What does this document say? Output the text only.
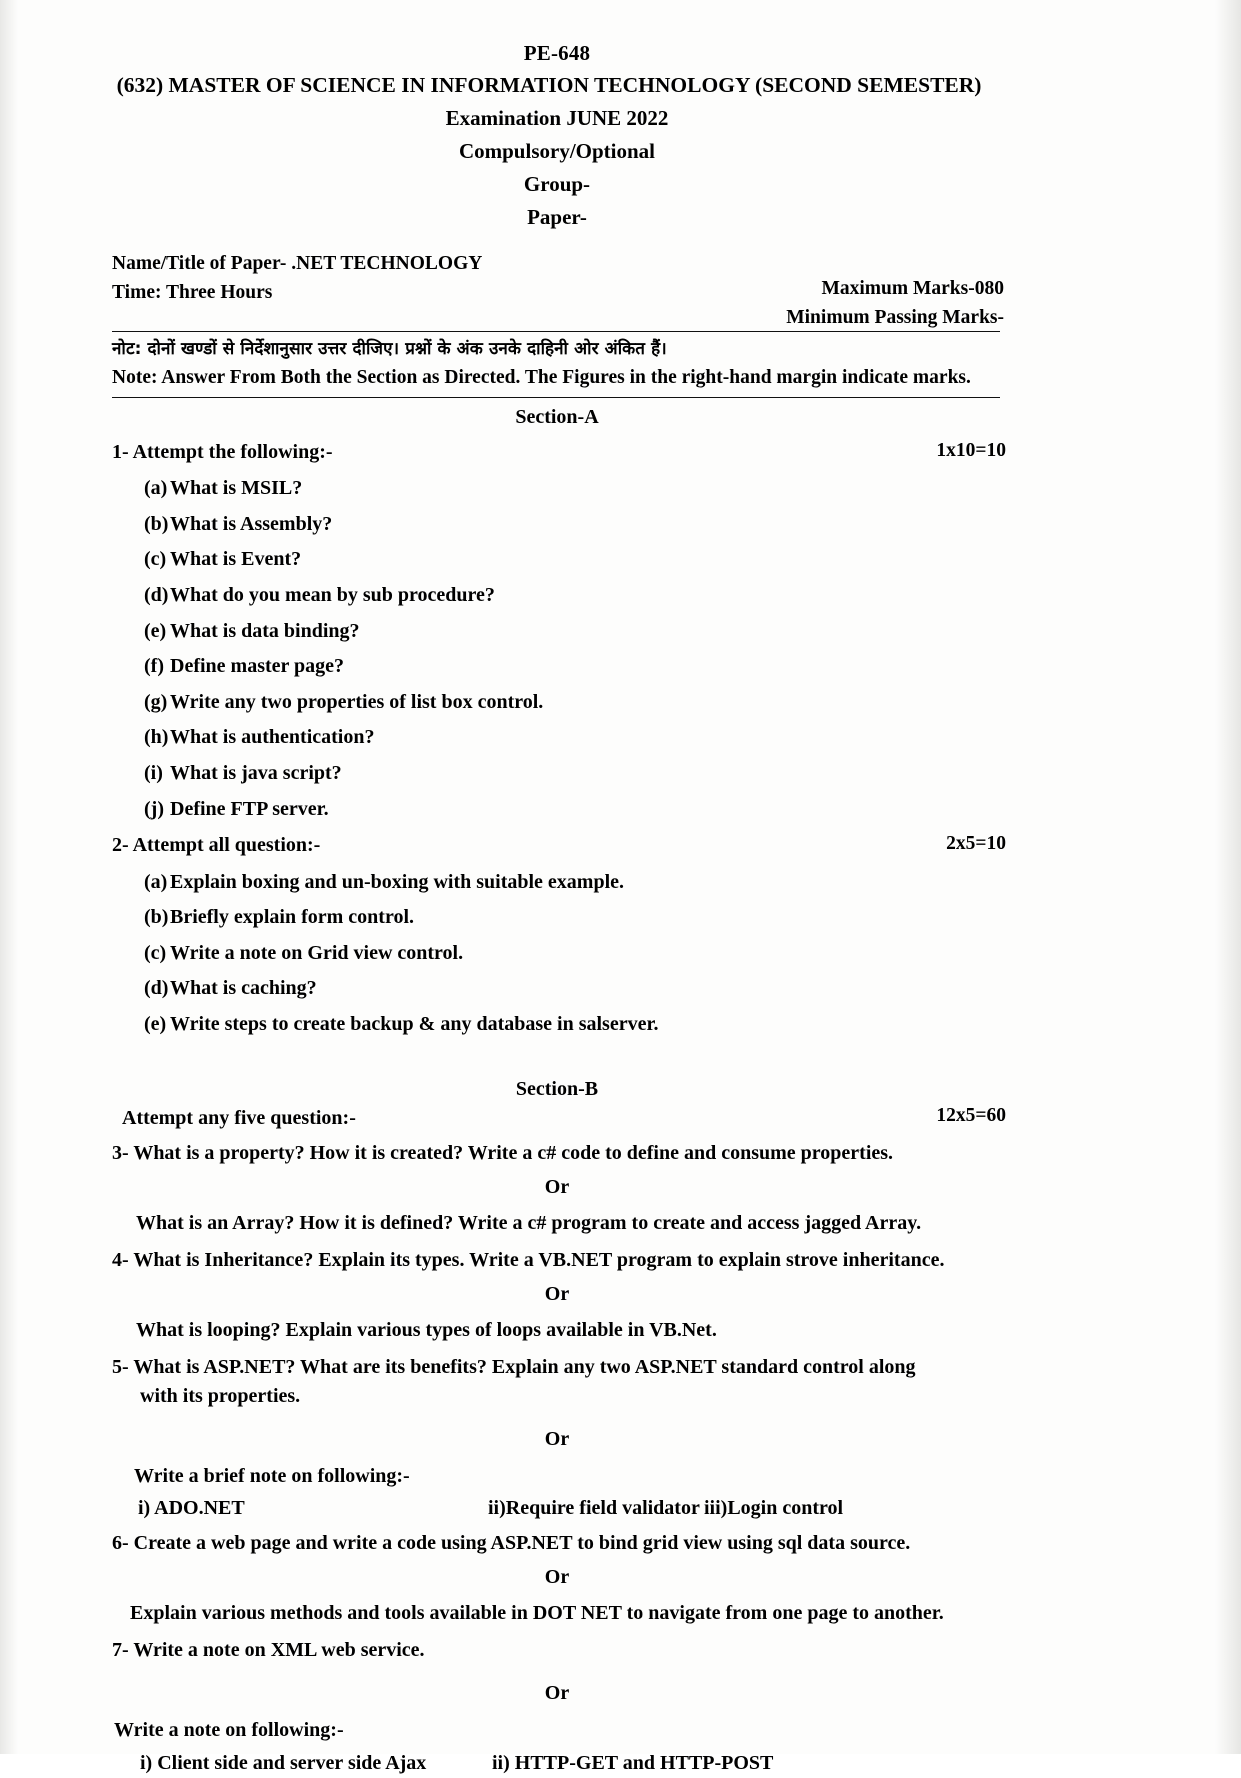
PE-648
(632) MASTER OF SCIENCE IN INFORMATION TECHNOLOGY (SECOND SEMESTER)
Examination JUNE 2022
Compulsory/Optional
Group-
Paper-
Name/Title of Paper- .NET TECHNOLOGY
Time: Three Hours	Maximum Marks-080
Minimum Passing Marks-
नोट: दोनों खण्डों से निर्देशानुसार उत्तर दीजिए। प्रश्नों के अंक उनके दाहिनी ओर अंकित हैं।
Note: Answer From Both the Section as Directed. The Figures in the right-hand margin indicate marks.
Section-A
1- Attempt the following:-	1x10=10
(a) What is MSIL?
(b) What is Assembly?
(c) What is Event?
(d) What do you mean by sub procedure?
(e) What is data binding?
(f) Define master page?
(g) Write any two properties of list box control.
(h) What is authentication?
(i) What is java script?
(j) Define FTP server.
2- Attempt all question:-	2x5=10
(a) Explain boxing and un-boxing with suitable example.
(b) Briefly explain form control.
(c) Write a note on Grid view control.
(d) What is caching?
(e) Write steps to create backup & any database in salserver.
Section-B
Attempt any five question:-	12x5=60
3- What is a property? How it is created? Write a c# code to define and consume properties.
Or
What is an Array? How it is defined? Write a c# program to create and access jagged Array.
4- What is Inheritance? Explain its types. Write a VB.NET program to explain strove inheritance.
Or
What is looping? Explain various types of loops available in VB.Net.
5- What is ASP.NET? What are its benefits? Explain any two ASP.NET standard control along
with its properties.
Or
Write a brief note on following:-
i) ADO.NET	ii)Require field validator iii)Login control
6- Create a web page and write a code using ASP.NET to bind grid view using sql data source.
Or
Explain various methods and tools available in DOT NET to navigate from one page to another.
7- Write a note on XML web service.
Or
Write a note on following:-
i) Client side and server side Ajax	ii) HTTP-GET and HTTP-POST
